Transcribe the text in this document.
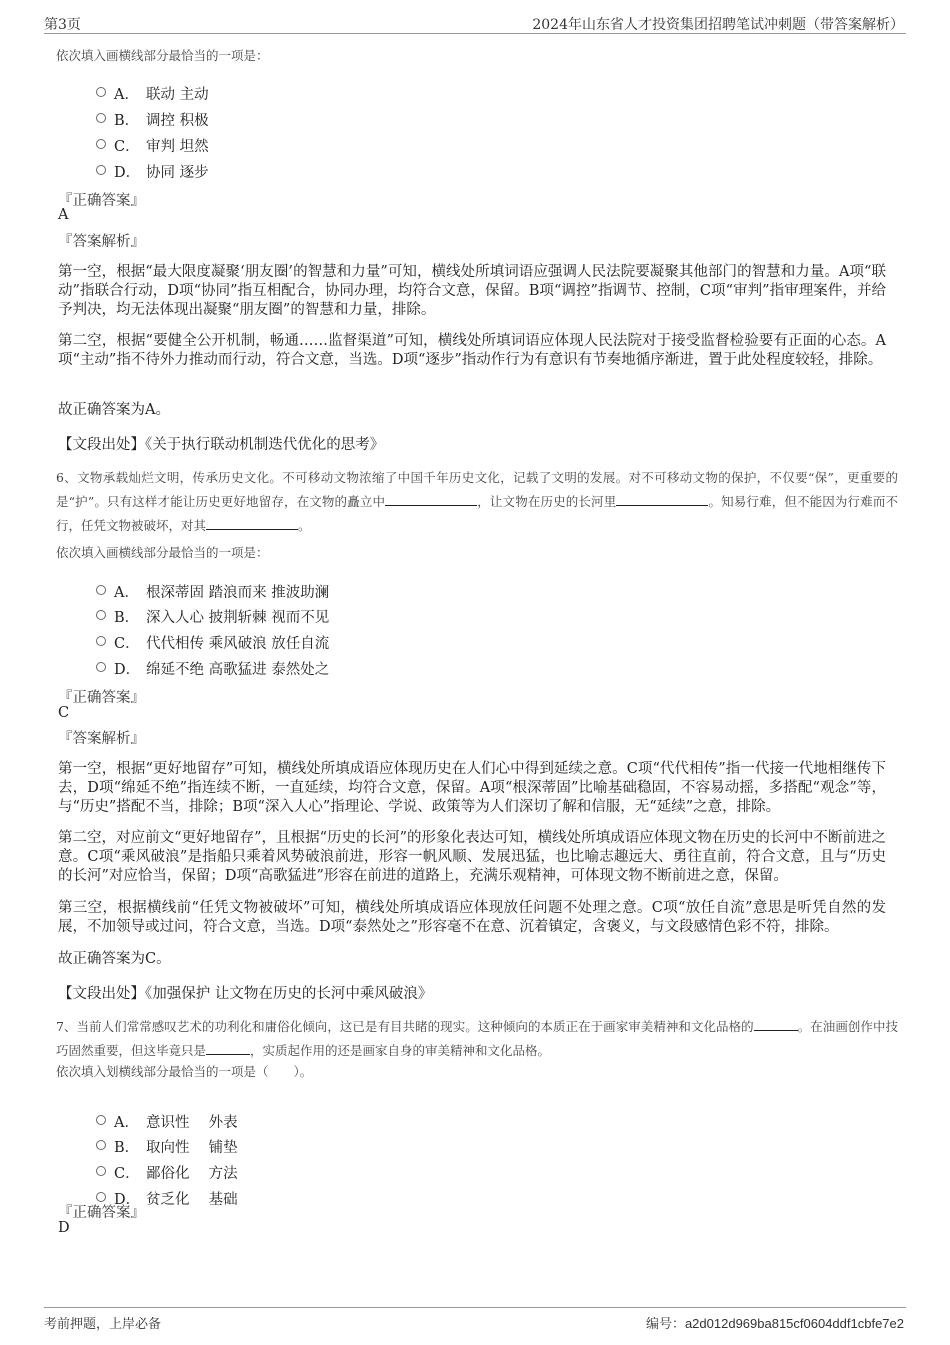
第3页	2024年山东省人才投资集团招聘笔试冲刺题（带答案解析）
依次填入画横线部分最恰当的一项是：
A． 联动 主动
B． 调控 积极
C． 审判 坦然
D． 协同 逐步
『正确答案』
A
『答案解析』
第一空，根据“最大限度凝聚‘朋友圈’的智慧和力量”可知，横线处所填词语应强调人民法院要凝聚其他部门的智慧和力量。A项“联动”指联合行动，D项“协同”指互相配合，协同办理，均符合文意，保留。B项“调控”指调节、控制，C项“审判”指审理案件，并给予判决，均无法体现出凝聚“朋友圈”的智慧和力量，排除。
第二空，根据“要健全公开机制，畅通……监督渠道”可知，横线处所填词语应体现人民法院对于接受监督检验要有正面的心态。A项“主动”指不待外力推动而行动，符合文意，当选。D项“逐步”指动作行为有意识有节奏地循序渐进，置于此处程度较轻，排除。
故正确答案为A。
【文段出处】《关于执行联动机制迭代优化的思考》
6、文物承载灿烂文明，传承历史文化。不可移动文物浓缩了中国千年历史文化，记载了文明的发展。对不可移动文物的保护，不仅要“保”，更重要的是“护”。只有这样才能让历史更好地留存，在文物的矗立中	，让文物在历史的长河里	。知易行难，但不能因为行难而不行，任凭文物被破坏，对其	。
依次填入画横线部分最恰当的一项是：
A． 根深蒂固 踏浪而来 推波助澜
B． 深入人心 披荆斩棘 视而不见
C． 代代相传 乘风破浪 放任自流
D． 绵延不绝 高歌猛进 泰然处之
『正确答案』
C
『答案解析』
第一空，根据“更好地留存”可知，横线处所填成语应体现历史在人们心中得到延续之意。C项“代代相传”指一代接一代地相继传下去，D项“绵延不绝”指连续不断，一直延续，均符合文意，保留。A项“根深蒂固”比喻基础稳固，不容易动摇，多搭配“观念”等，与“历史”搭配不当，排除；B项“深入人心”指理论、学说、政策等为人们深切了解和信服，无“延续”之意，排除。
第二空，对应前文“更好地留存”，且根据“历史的长河”的形象化表达可知，横线处所填成语应体现文物在历史的长河中不断前进之意。C项“乘风破浪”是指船只乘着风势破浪前进，形容一帆风顺、发展迅猛，也比喻志趣远大、勇往直前，符合文意，且与“历史的长河”对应恰当，保留；D项“高歌猛进”形容在前进的道路上，充满乐观精神，可体现文物不断前进之意，保留。
第三空，根据横线前“任凭文物被破坏”可知，横线处所填成语应体现放任问题不处理之意。C项“放任自流”意思是听凭自然的发展，不加领导或过问，符合文意，当选。D项“泰然处之”形容毫不在意、沉着镇定，含褒义，与文段感情色彩不符，排除。
故正确答案为C。
【文段出处】《加强保护 让文物在历史的长河中乘风破浪》
7、当前人们常常感叹艺术的功利化和庸俗化倾向，这已是有目共睹的现实。这种倾向的本质正在于画家审美精神和文化品格的	。在油画创作中技巧固然重要，但这毕竟只是	，实质起作用的还是画家自身的审美精神和文化品格。
依次填入划横线部分最恰当的一项是（　　）。
A． 意识性　 外表
B． 取向性　 铺垫
C． 鄙俗化　 方法
D． 贫乏化　 基础
『正确答案』
D
考前押题，上岸必备	编号：a2d012d969ba815cf0604ddf1cbfe7e2
